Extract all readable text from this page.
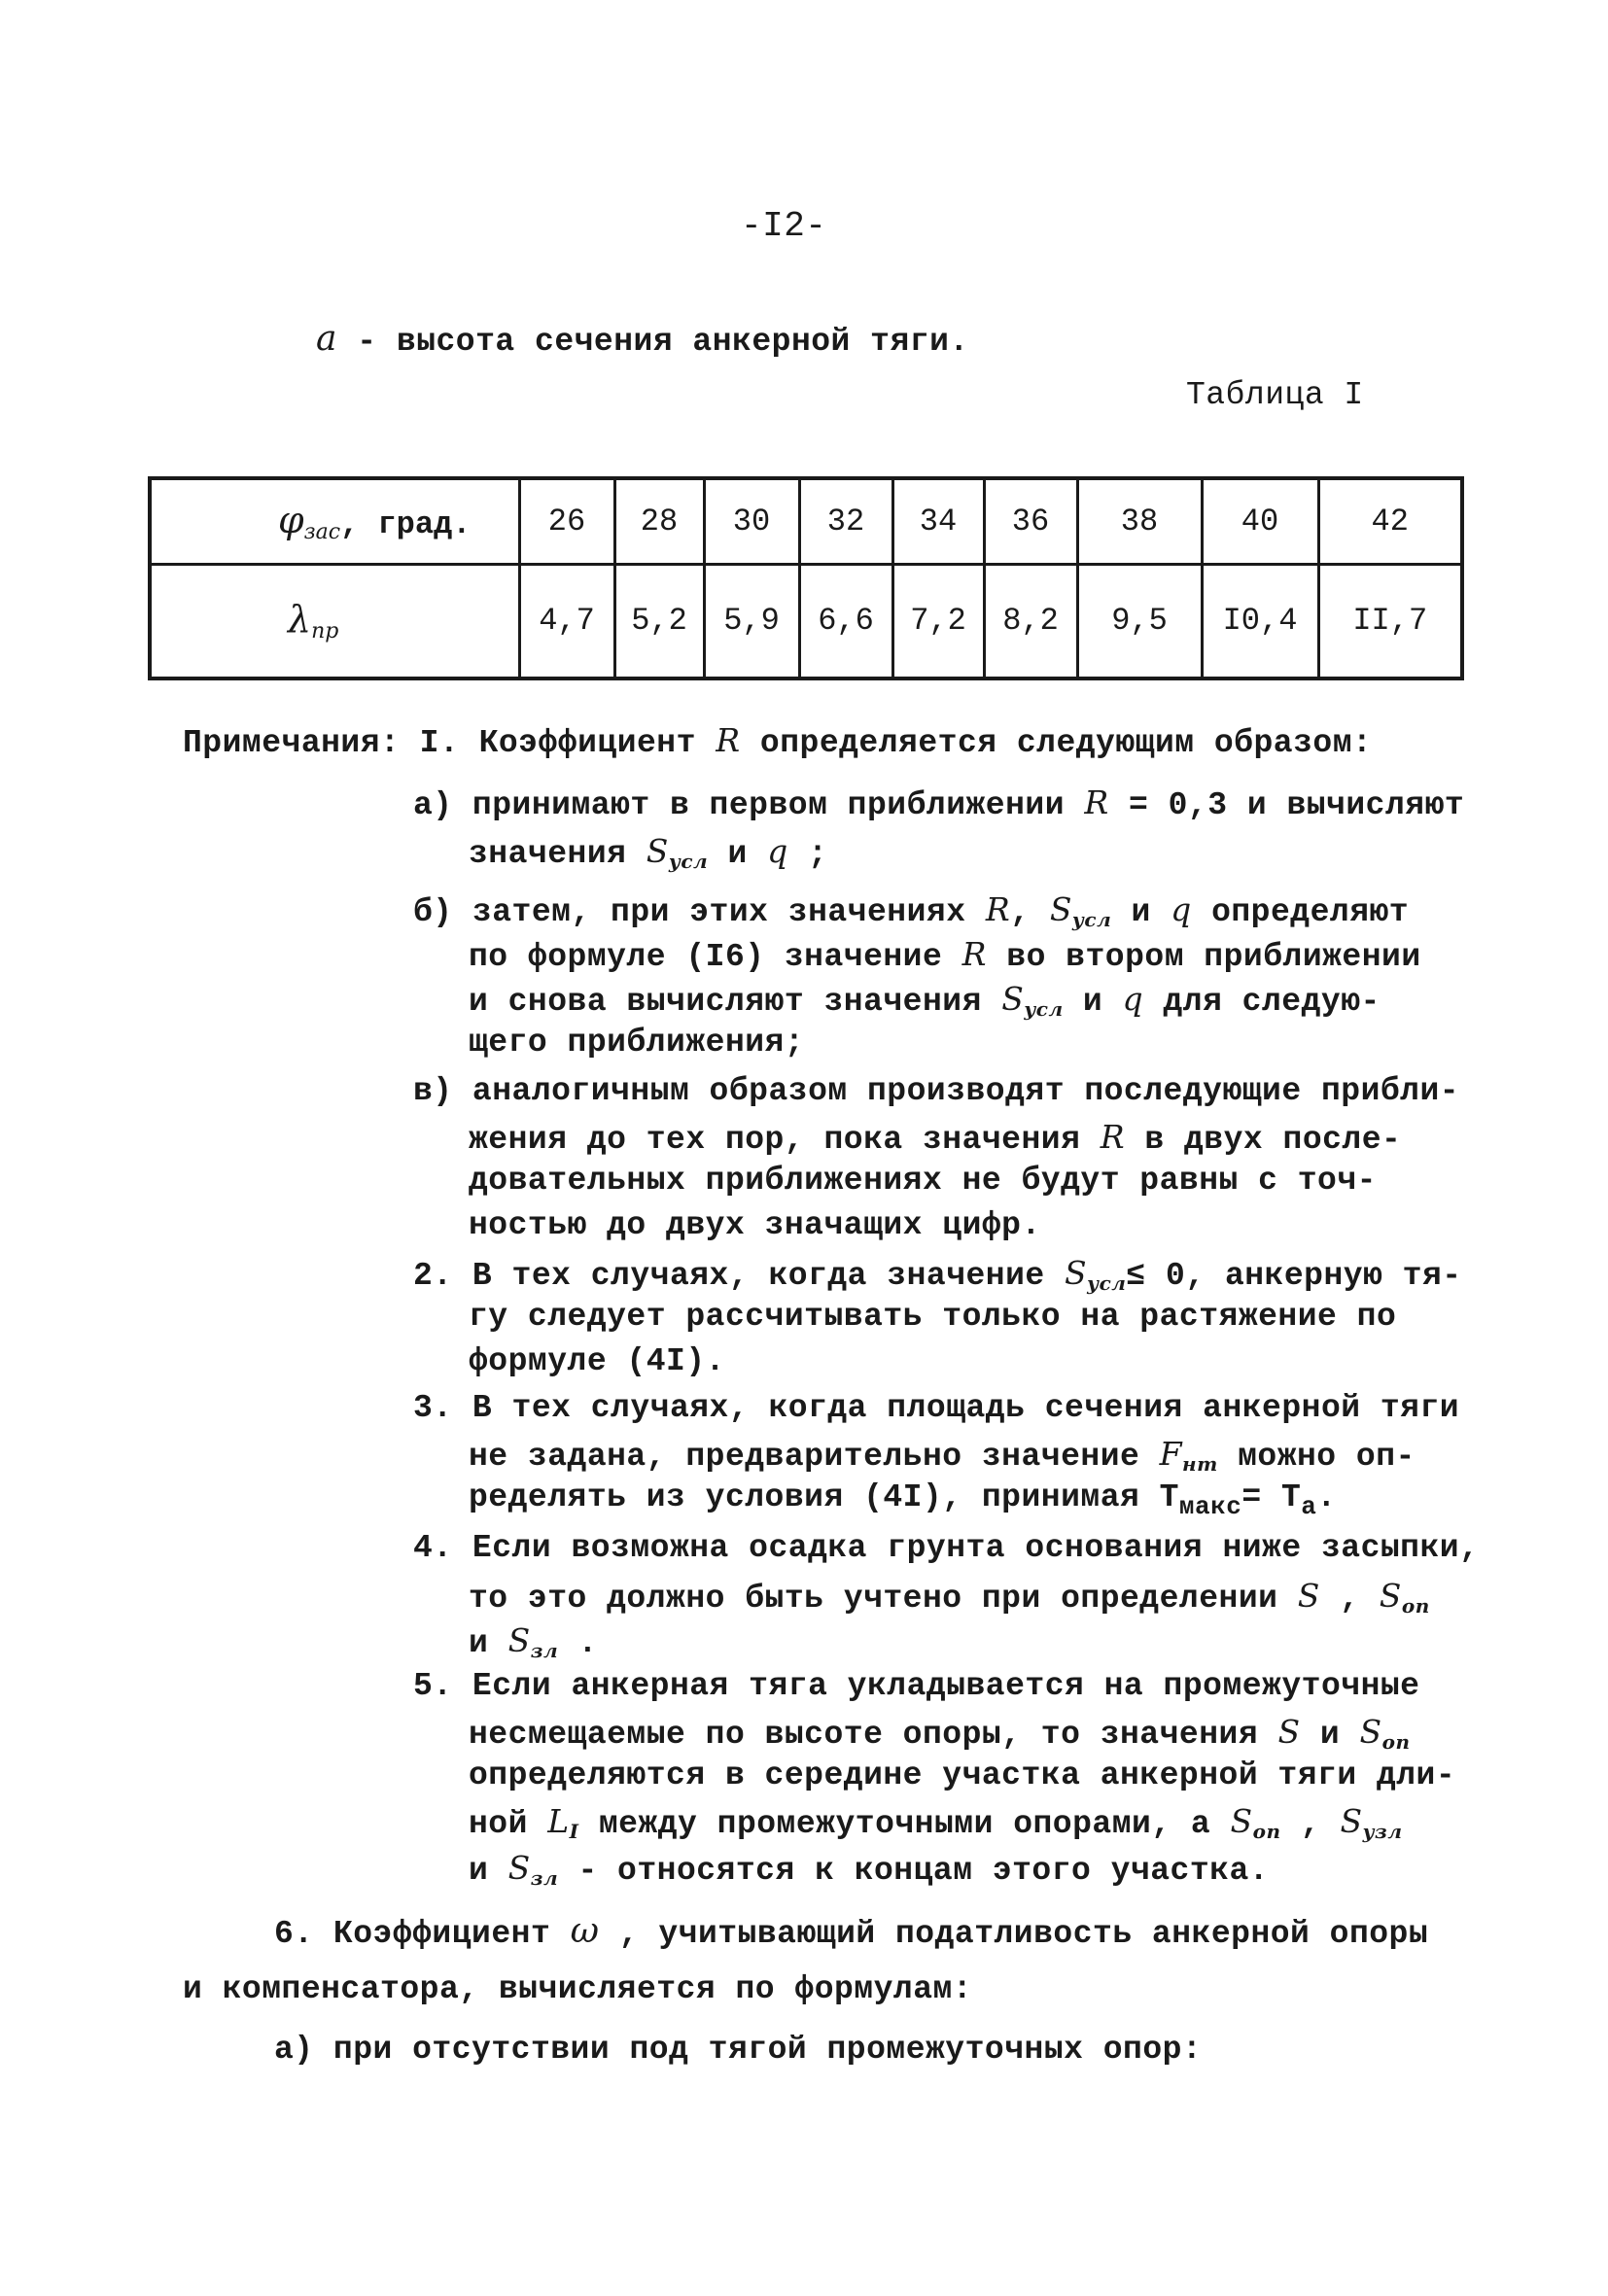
-I2-
a - высота сечения анкерной тяги.
Таблица I
φзас, град.	26	28	30	32	34	36	38	40	42
λпр	4,7	5,2	5,9	6,6	7,2	8,2	9,5	I0,4	II,7
Примечания: I. Коэффициент R определяется следующим образом:
а) принимают в первом приближении R = 0,3 и вычисляют
значения $S_{усл}$ и q ;
б) затем, при этих значениях R, $S_{усл}$ и q определяют
по формуле (I6) значение R во втором приближении
и снова вычисляют значения $S_{усл}$ и q для следую-
щего приближения;
в) аналогичным образом производят последующие прибли-
жения до тех пор, пока значения R в двух после-
довательных приближениях не будут равны с точ-
ностью до двух значащих цифр.
2. В тех случаях, когда значение $S_{усл}\le 0$, анкерную тя-
гу следует рассчитывать только на растяжение по
формуле (4I).
3. В тех случаях, когда площадь сечения анкерной тяги
не задана, предварительно значение $F_{нт}$ можно оп-
ределять из условия (4I), принимая $T_{макс}= T_а$.
4. Если возможна осадка грунта основания ниже засыпки,
то это должно быть учтено при определении S , $S_{оп}$
и $S_{зл}$ .
5. Если анкерная тяга укладывается на промежуточные
несмещаемые по высоте опоры, то значения S и $S_{оп}$
определяются в середине участка анкерной тяги дли-
ной $L_I$ между промежуточными опорами, а $S_{оп}$ , $S_{узл}$
и $S_{зл}$ - относятся к концам этого участка.
6. Коэффициент ω , учитывающий податливость анкерной опоры
и компенсатора, вычисляется по формулам:
а) при отсутствии под тягой промежуточных опор:
